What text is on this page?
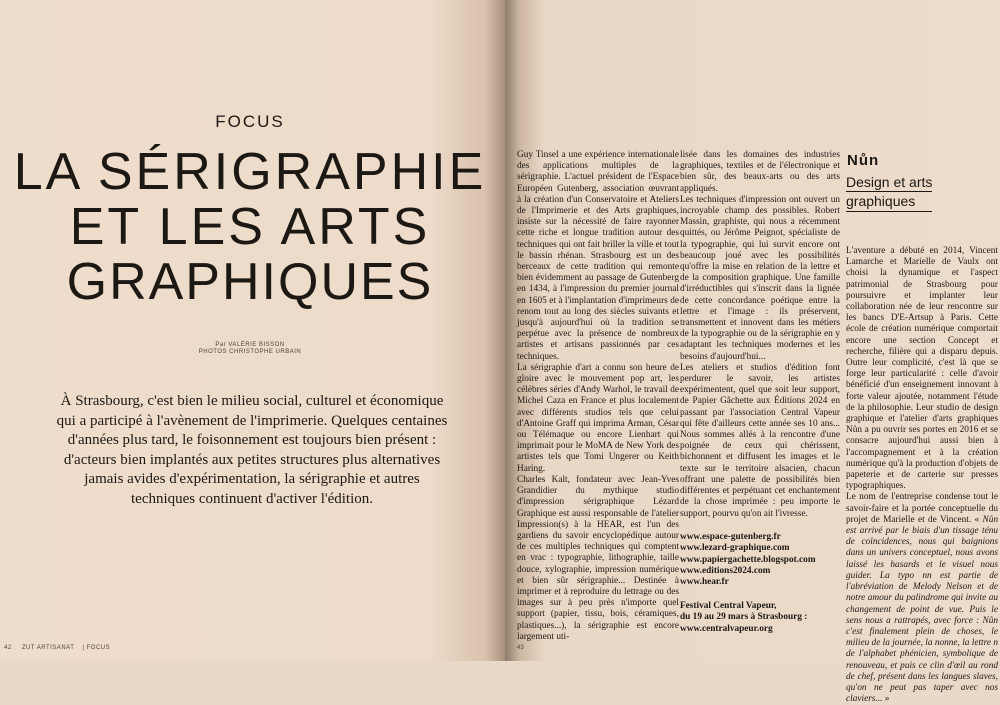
FOCUS
LA SÉRIGRAPHIE
ET LES ARTS
GRAPHIQUES
Par VALÉRIE BISSON
PHOTOS CHRISTOPHE URBAIN

À Strasbourg, c'est bien le milieu social, culturel et économique qui a participé à l'avènement de l'imprimerie. Quelques centaines d'années plus tard, le foisonnement est toujours bien présent : d'acteurs bien implantés aux petites structures plus alternatives jamais avides d'expérimentation, la sérigraphie et autres techniques continuent d'activer l'édition.

42 ZUT ARTISANAT | FOCUS

Guy Tinsel a une expérience internationale des applications multiples de la sérigraphie. L'actuel président de l'Espace Européen Gutenberg, association œuvrant à la création d'un Conservatoire et Ateliers de l'Imprimerie et des Arts graphiques, insiste sur la nécessité de faire rayonner cette riche et longue tradition autour des techniques qui ont fait briller la ville et tout le bassin rhénan. Strasbourg est un des berceaux de cette tradition qui remonte bien évidemment au passage de Gutenberg en 1434, à l'impression du premier journal en 1605 et à l'implantation d'imprimeurs de renom tout au long des siècles suivants et jusqu'à aujourd'hui où la tradition se perpétue avec la présence de nombreux artistes et artisans passionnés par ces techniques.

La sérigraphie d'art a connu son heure de gloire avec le mouvement pop art, les célèbres séries d'Andy Warhol, le travail de Michel Caza en France et plus localement avec différents studios tels que celui d'Antoine Graff qui imprima Arman, César ou Télémaque ou encore Lienhart qui imprimait pour le MoMA de New York des artistes tels que Tomi Ungerer ou Keith Haring.

Charles Kalt, fondateur avec Jean-Yves Grandidier du mythique studio d'impression sérigraphique Lézard Graphique est aussi responsable de l'atelier Impression(s) à la HEAR, est l'un des gardiens du savoir encyclopédique autour de ces multiples techniques qui comptent en vrac : typographie, lithographie, taille douce, xylographie, impression numérique et bien sûr sérigraphie... Destinée à imprimer et à reproduire du lettrage ou des images sur à peu près n'importe quel support (papier, tissu, bois, céramiques, plastiques...), la sérigraphie est encore largement uti-

lisée dans les domaines des industries graphiques, textiles et de l'électronique et bien sûr, des beaux-arts ou des arts appliqués.

Les techniques d'impression ont ouvert un incroyable champ des possibles. Robert Massin, graphiste, qui nous a récemment quittés, ou Jérôme Peignot, spécialiste de la typographie, qui lui survit encore ont beaucoup joué avec les possibilités qu'offre la mise en relation de la lettre et de la composition graphique. Une famille d'irréductibles qui s'inscrit dans la lignée de cette concordance poétique entre la lettre et l'image : ils préservent, transmettent et innovent dans les métiers de la typographie ou de la sérigraphie en y adaptant les techniques modernes et les besoins d'aujourd'hui...

Les ateliers et studios d'édition font perdurer le savoir, les artistes expérimentent, quel que soit leur support, de Papier Gâchette aux Éditions 2024 en passant par l'association Central Vapeur qui fête d'ailleurs cette année ses 10 ans... Nous sommes allés à la rencontre d'une poignée de ceux qui chérissent, bichonnent et diffusent les images et le texte sur le territoire alsacien, chacun offrant une palette de possibilités bien différentes et perpétuant cet enchantement de la chose imprimée : peu importe le support, pourvu qu'on ait l'ivresse.

www.espace-gutenberg.fr
www.lezard-graphique.com
www.papiergachette.blogspot.com
www.editions2024.com
www.hear.fr
Festival Central Vapeur,
du 19 au 29 mars à Strasbourg :
www.centralvapeur.org
Nůn
Design et arts
graphiques

L'aventure a débuté en 2014, Vincent Lamarche et Marielle de Vaulx ont choisi la dynamique et l'aspect patrimonial de Strasbourg pour poursuivre et implanter leur collaboration née de leur rencontre sur les bancs D'E-Artsup à Paris. Cette école de création numérique comportait encore une section Concept et recherche, filière qui a disparu depuis. Outre leur complicité, c'est là que se forge leur particularité : celle d'avoir bénéficié d'un enseignement innovant à forte valeur ajoutée, notamment l'étude de la philosophie. Leur studio de design graphique et l'atelier d'arts graphiques Nůn a pu ouvrir ses portes en 2016 et se consacre aujourd'hui aussi bien à l'accompagnement et à la création numérique qu'à la production d'objets de papeterie et de carterie sur presses typographiques.

Le nom de l'entreprise condense tout le savoir-faire et la portée conceptuelle du projet de Marielle et de Vincent. « Nůn est arrivé par le biais d'un tissage ténu de coïncidences, nous qui baignions dans un univers conceptuel, nous avons laissé les hasards et le visuel nous guider. La typo nn est partie de l'abréviation de Melody Nelson et de notre amour du palindrome qui invite au changement de point de vue. Puis le sens nous a rattrapés, avec force : Nůn c'est finalement plein de choses, le milieu de la journée, la nonne, la lettre n de l'alphabet phénicien, symbolique de renouveau, et puis ce clin d'œil au rond de chef, présent dans les langues slaves, qu'on ne peut pas taper avec nos claviers... »

43
